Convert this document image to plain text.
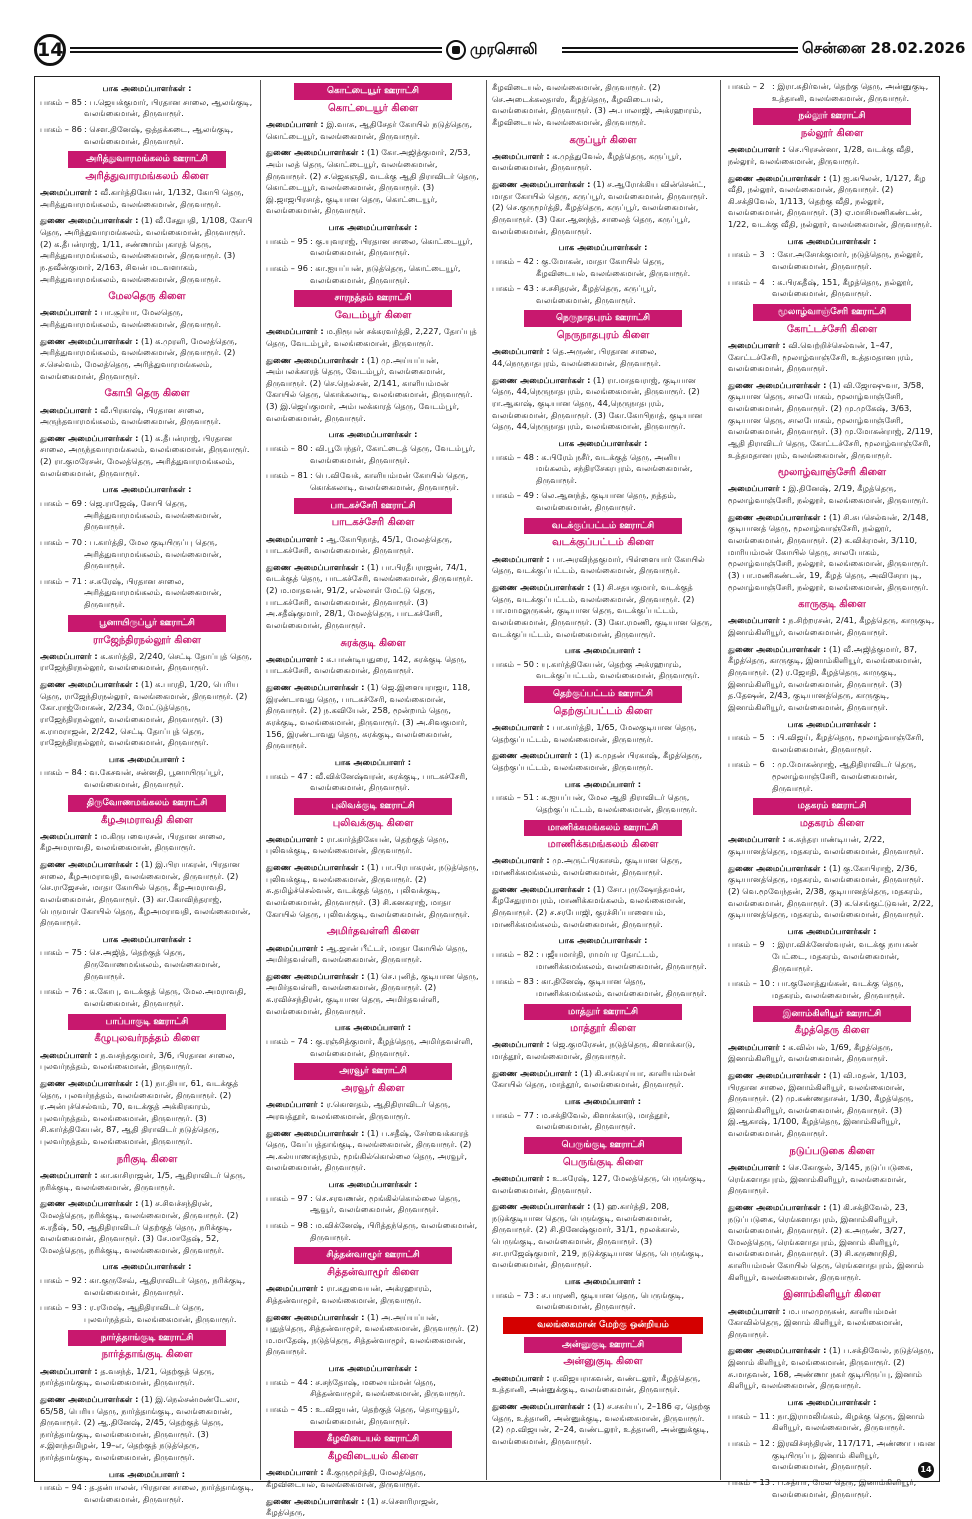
14	முரசொலி	சென்னை 28.02.2026
பாக அமைப்பாளர்கள் :
பாகம் – 85 : ப.ஜெயக்குமார், பிரதான சாலை, ஆலங்குடி, வலங்கைமான், திருவாரூர்.
பாகம் – 86 : செள.தினேஷ், ஒத்தக்கடை, ஆலங்குடி, வலங்கைமான், திருவாரூர்.
அரித்துவாரமங்கலம் ஊராட்சி
அரித்துவாரமங்கலம் கிளை
அமைப்பாளர் : வீ.கார்த்திகேயன், 1/132, கோபி தெரு, அரித்துவாரமங்கலம், வலங்கைமான், திருவாரூர்.
துணை அமைப்பாளர்கள் : (1) வீ.சேதுபதி, 1/108, கோபி தெரு, அரித்துவாரமங்கலம், வலங்கைமான், திருவாரூர். (2) க.தீபன்ராஜ், 1/11, சண்ணாம்புகாரத் தெரு, அரித்துவாரமங்கலம், வலங்கைமான், திருவாரூர். (3) ந.தவீன்குமார், 2/163, சிவன் மடவளாகம், அரித்துவாரமங்கலம், வலங்கைமான், திருவாரூர்.
மேலதெரு கிளை
அமைப்பாளர் : பா.சூர்யா, மேலதெரு, அரித்துவாரமங்கலம், வலங்கைமான், திருவாரூர்.
துணை அமைப்பாளர்கள் : (1) க.முரளி, மேலத்தெரு, அரித்துவாரமங்கலம், வலங்கைமான், திருவாரூர். (2) ச.செல்வம், மேலத்தெரு, அரித்துவாரமங்கலம், வலங்கைமான், திருவாரூர்.
கோபி தெரு கிளை
அமைப்பாளர் : வீ.பிரகாஷ், பிரதான சாலை, அருந்தவாரமங்கலம், வலங்கைமான், திருவாரூர்.
துணை அமைப்பாளர்கள் : (1) க.தீபன்ராஜ், பிரதான சாலை, அருந்தவாரமங்கலம், வலங்கைமான், திருவாரூர். (2) ரா.குமரேசன், மேலத்தெரு, அரித்துவாரமங்கலம், வலங்கைமான், திருவாரூர்.
பாக அமைப்பாளர்கள் :
பாகம் – 69 : ஜெ.ராஜேஷ், சோபி தெரு, அரித்துவாரமங்கலம், வலங்கைமான், திருவாரூர்.
பாகம் – 70 : ப.கார்த்தி, மேல குடியிருப்பு தெரு, அரித்துவாரமங்கலம், வலங்கைமான், திருவாரூர்.
பாகம் – 71 : ச.சுரேஷ், பிரதான சாலை, அரித்துவாரமங்கலம், வலங்கைமான், திருவாரூர்.
பூனாயிருப்பூர் ஊராட்சி
ராஜேந்திரநல்லூர் கிளை
அமைப்பாளர் : க.கார்த்தி, 2/240, செட்டி தோப்புத் தெரு, ராஜேந்திரநல்லூர், வலங்கைமான், திருவாரூர்.
துணை அமைப்பாளர்கள் : (1) க.பாரதி, 1/20, பெரிய தெரு, ராஜேந்திரநல்லூர், வலங்கைமான், திருவாரூர். (2) கோ.ராஜ்மோகன், 2/234, மேட்டுத்தெரு, ராஜேந்திரநல்லூர், வலங்கைமான், திருவாரூர். (3) க.ராமராஜன், 2/242, செட்டி தோப்புத் தெரு, ராஜேந்திரநல்லூர், வலங்கைமான், திருவாரூர்.
பாக அமைப்பாளர் :
பாகம் – 84 : வ.கேசவன், சன்னதி, பூனாயிருப்பூர், வலங்கைமான், திருவாரூர்.
திருவோணமங்கலம் ஊராட்சி
கீழஅமராவதி கிளை
அமைப்பாளர் : ம.கிருபவைரசன், பிரதான சாலை, கீழஅமராவதி, வலங்கைமான், திருவாரூர்.
துணை அமைப்பாளர்கள் : (1) இ.பிரபாகரன், பிரதான சாலை, கீழஅமராவதி, வலங்கைமான், திருவாரூர். (2) செ.ராஜேசன், மாதா கோயில் தெரு, கீழஅமராவதி, வலங்கைமான், திருவாரூர். (3) கா.கோவிந்தராஜ், பெருமாள் கோயில் தெரு, கீழஅமராவதி, வலங்கைமான், திருவாரூர்.
பாக அமைப்பாளர்கள் :
பாகம் – 75 : செ.அஜித், தெற்குத் தெரு, திருவோணமங்கலம், வலங்கைமான், திருவாரூர்.
பாகம் – 76 : க.கோபு, வடக்குத் தெரு, மேல.அமராவதி, வலங்கைமான், திருவாரூர்.
பாப்பாகுடி ஊராட்சி
கீழுபுலவர்நத்தம் கிளை
அமைப்பாளர் : ந.வசந்தகுமார், 3/6, பிரதான சாலை, புலவர்நத்தம், வலங்கைமான், திருவாரூர்.
துணை அமைப்பாளர்கள் : (1) நா.தியா, 61, வடக்குத் தெரு, புலவர்நத்தம், வலங்கைமான், திருவாரூர். (2) ர.அன்புச்செல்வம், 70, வடக்குத் அக்கிரகாரம், புலவர்நத்தம், வலங்கைமான், திருவாரூர். (3) சி.கார்த்திகேயன், 87, ஆதி திராவிடர் நடுத்தெரு, புலவர்நத்தம், வலங்கைமான், திருவாரூர்.
நரிகுடி கிளை
அமைப்பாளர் : கா.காசிராஜன், 1/5, ஆதிராவிடர் தெரு, நரிக்குடி, வலங்கைமான், திருவாரூர்.
துணை அமைப்பாளர்கள் : (1) ச.சிவச்சந்திரன், மேலத்தெரு, நரிக்குடி, வலங்கைமான், திருவாரூர். (2) சு.ரதீஷ், 50, ஆதிதிராவிடர் தெற்குத் தெரு, நரிக்குடி, வலங்கைமான், திருவாரூர். (3) சே.மாதேஷ், 52, மேலத்தெரு, நரிக்குடி, வலங்கைமான், திருவாரூர்.
பாக அமைப்பாளர்கள் :
பாகம் – 92 : கா.குருசேவ், ஆதிராவிடர் தெரு, நரிக்குடி, வலங்கைமான், திருவாரூர்.
பாகம் – 93 : ர.ரமேஷ், ஆதிதிராவிடர் தெரு, புலவர்நத்தம், வலங்கைமான், திருவாரூர்.
நார்த்தாங்குடி ஊராட்சி
நார்த்தாங்குடி கிளை
அமைப்பாளர் : த.வசந்த், 1/21, தெற்குத் தெரு, நார்த்தாங்குடி, வலங்கைமான், திருவாரூர்.
துணை அமைப்பாளர்கள் : (1) இ.நெல்சன்மண்டேலா, 65/58, பெரிய தெரு, நார்த்தாங்குடி, வலங்கைமான், திருவாரூர். (2) ஆ.தினேஷ், 2/45, தெற்குத் தெரு, நார்த்தாங்குடி, வலங்கைமான், திருவாரூர். (3) ச.இளந்தமிழன், 19–எ, தெற்குத் நடுத்தெரு, நார்த்தாங்குடி, வலங்கைமான், திருவாரூர்.
பாக அமைப்பாளர் :
பாகம் – 94 : த.தன்பாலன், பிரதான சாலை, நார்த்தாங்குடி, வலங்கைமான், திருவாரூர்.
கொட்டையூர் ஊராட்சி
கொட்டையூர் கிளை
அமைப்பாளர் : இ.வாசு, ஆதிசேதர் கோயில் நடுத்தெரு, கொட்டையூர், வலங்கைமான், திருவாரூர்.
துணை அமைப்பாளர்கள் : (1) கோ.அஜித்குமார், 2/53, அம்பலத் தெரு, கொட்டையூர், வலங்கைமான், திருவாரூர். (2) ச.ஜெகஞதி, வடக்கு ஆதி திராவிடர் தெரு, கொட்டையூர், வலங்கைமான், திருவாரூர். (3) இ.ஜாஜபிரசாத், குடியான தெரு, கொட்டையூர், வலங்கைமான், திருவாரூர்.
பாக அமைப்பாளர்கள் :
பாகம் – 95 : கு.யுவராஜ், பிரதான சாலை, கொட்டையூர், வலங்கைமான், திருவாரூர்.
பாகம் – 96 : கா.ஐயப்பன், நடுத்தெரு, கொட்டையூர், வலங்கைமான், திருவாரூர்.
சாரநத்தம் ஊராட்சி
வேடம்பூர் கிளை
அமைப்பாளர் : ம.நிரூபன் சக்கரவர்த்தி, 2,227, தோப்புத் தெரு, வேடம்பூர், வலங்கைமான், திருவாரூர்.
துணை அமைப்பாளர்கள் : (1) மு.அய்யப்பன், அம்பலக்காரத் தெரு, வேடம்பூர், வலங்கைமான், திருவாரூர். (2) செ.நெல்சன், 2/141, காளியம்மன் கோயில் தெரு, கொக்கலாடி, வலங்கைமான், திருவாரூர். (3) இ.ஜெய்குமார், அம்பலக்காரத் தெரு, வேடம்பூர், வலங்கைமான், திருவாரூர்.
பாக அமைப்பாளர்கள் :
பாகம் – 80 : வி.பூபேந்தர், கோட்டைத் தெரு, வேடம்பூர், வலங்கைமான், திருவாரூர்.
பாகம் – 81 : பெ.விவேக், காளியம்மன் கோயில் தெரு, கொக்கலாடி, வலங்கைமான், திருவாரூர்.
பாடகச்சேரி ஊராட்சி
பாடகச்சேரி கிளை
அமைப்பாளர் : ஆ.கோபிநாத், 45/1, மேலத்தெரு, பாடகச்சேரி, வலங்கைமான், திருவாரூர்.
துணை அமைப்பாளர்கள் : (1) பா.பிரதீபராஜன், 74/1, வடக்குத் தெரு, பாடகச்சேரி, வலங்கைமான், திருவாரூர். (2) ம.மாதவன், 91/2, எல்லாள் மேட்டு தெரு, பாடகச்சேரி, வலங்கைமான், திருவாரூர். (3) அ.சதீஷ்குமார், 28/1, மேலத்தெரு, பாடகச்சேரி, வலங்கைமான், திருவாரூர்.
சுரக்குடி கிளை
அமைப்பாளர் : க.பாண்டியதுரை, 142, சுரக்குடி தெரு, பாடகச்சேரி, வலங்கைமான், திருவாரூர்.
துணை அமைப்பாளர்கள் : (1) ஜெ.இளையராஜா, 118, இரண்டாவது தெரு, பாடகச்சேரி, வலங்கைமான், திருவாரூர். (2) ந.கவியேன், 258, மூன்றாம் தெரு, சுரக்குடி, வலங்கைமான், திருவாரூர். (3) அ.சிவகுமார், 156, இரண்டாவது தெரு, சுரக்குடி, வலங்கைமான், திருவாரூர்.
பாக அமைப்பாளர் :
பாகம் – 47 : வீ.விக்னேஷ்வரன், சுரக்குடி, பாடகச்சேரி, வலங்கைமான், திருவாரூர்.
புலிவக்குடி ஊராட்சி
புலிவக்குடி கிளை
அமைப்பாளர் : ரா.கார்த்திகேயன், தெற்குத் தெரு, புலிவக்குடி, வலங்கைமான், திருவாரூர்.
துணை அமைப்பாளர்கள் : (1) பா.பிரபாகரன், நடுத்தெரு, புலிவக்குடி, வலங்கைமான், திருவாரூர். (2) சு.தமிழ்ச்செல்வன், வடக்குத் தெரு, புலிவக்குடி, வலங்கைமான், திருவாரூர். (3) சி.கனகராஜ், மாதா கோயில் தெரு, புலிவக்குடி, வலங்கைமான், திருவாரூர்.
அமிர்தவள்ளி கிளை
அமைப்பாளர் : ஆ.ஜான் பீட்டர், மாதா கோயில் தெரு, அமிர்தவள்ளி, வலங்கைமான், திருவாரூர்.
துணை அமைப்பாளர்கள் : (1) செ.புனித், குடியான தெரு, அமிர்தவள்ளி, வலங்கைமான், திருவாரூர். (2) க.ரவிச்சந்திரன், குடியான தெரு, அமிர்தவள்ளி, வலங்கைமான், திருவாரூர்.
பாக அமைப்பாளர் :
பாகம் – 74 : கு.ரஞ்சித்குமார், கீழத்தெரு, அமிர்தவள்ளி, வலங்கைமான், திருவாரூர்.
அரவூர் ஊராட்சி
அரவூர் கிளை
அமைப்பாளர் : ர.கொளதம், ஆதிதிராவிடர் தெரு, அரவத்தூர், வலங்கைமான், திருவாரூர்.
துணை அமைப்பாளர்கள் : (1) ப.சதீஷ், சேர்வைக்காரத் தெரு, வேப்பத்தாங்குடி, வலங்கைமான், திருவாரூர். (2) அ.கல்யாணசுந்தரம், மூங்கில்கொல்லை தெரு, அரவூர், வலங்கைமான், திருவாரூர்.
பாக அமைப்பாளர்கள் :
பாகம் – 97 : செ.சரவணன், மூங்கில்கொல்லை தெரு, ஆவூர், வலங்கைமான், திருவாரூர்.
பாகம் – 98 : ம.விக்னேஷ், பிரித்தந்தெரு, வலங்கைமான், திருவாரூர்.
சித்தன்வாழூர் ஊராட்சி
சித்தன்வாழூர் கிளை
அமைப்பாளர் : ரா.கதுவையன், அக்ரஹாரம், சித்தன்வாழூர், வலங்கைமான், திருவாரூர்.
துணை அமைப்பாளர்கள் : (1) அ.அய்யப்பன், புதுத்தெரு, சித்தன்வாழூர், வலங்கைமான், திருவாரூர். (2) ம.மாதேஷ், நடுத்தெரு, சித்தன்வாழூர், வலங்கைமான், திருவாரூர்.
பாக அமைப்பாளர்கள் :
பாகம் – 44 : ச.சந்தோஷ், மலையம்மன் தெரு, சித்தன்வாழூர், வலங்கைமான், திருவாரூர்.
பாகம் – 45 : உ.விஜயன், தெற்குத் தெரு, தொழுவூர், வலங்கைமான், திருவாரூர்.
கீழவிடையல் ஊராட்சி
கீழவிடையல் கிளை
அமைப்பாளர் : கீ.குருமூர்த்தி, மேலத்தெரு, கீழவிடையல், வலங்கைமான், திருவாரூர்.
துணை அமைப்பாளர்கள் : (1) ச.செளரிராஜன், கீழத்தெரு,
கீழவிடையல், வலங்கைமான், திருவாரூர். (2) செ.அடைக்கலதாஸ், கீழத்தெரு, கீழவிடையல், வலங்கைமான், திருவாரூர். (3) அ.பாலாஜி, அக்ரஹாரம், கீழவிடையல், வலங்கைமான், திருவாரூர்.
கருப்பூர் கிளை
அமைப்பாளர் : க.முத்துவேல், கீழத்தெரு, கருப்பூர், வலங்கைமான், திருவாரூர்.
துணை அமைப்பாளர்கள் : (1) ச.ஆரோக்கிய வின்சென்ட், மாதா கோயில் தெரு, கருப்பூர், வலங்கைமான், திருவாரூர். (2) செ.குருமூர்த்தி, கீழத்தெரு, கருப்பூர், வலங்கைமான், திருவாரூர். (3) கோ.ஆனந்த், சாலைத் தெரு, கருப்பூர், வலங்கைமான், திருவாரூர்.
பாக அமைப்பாளர்கள் :
பாகம் – 42 : கு.மோகன், மாதா கோயில் தெரு, கீழவிடையல், வலங்கைமான், திருவாரூர்.
பாகம் – 43 : ச.சசிதரன், கீழத்தெரு, கருப்பூர், வலங்கைமான், திருவாரூர்.
நெருநாதபுரம் ஊராட்சி
நெருநாதபுரம் கிளை
அமைப்பாளர் : தெ.அருண், பிரதான சாலை, 44,நெருநாதபுரம், வலங்கைமான், திருவாரூர்.
துணை அமைப்பாளர்கள் : (1) ரா.மாதவராஜ், குடியான தெரு, 44,நெருநாதபுரம், வலங்கைமான், திருவாரூர். (2) ரா.ஆகாஷ், குடியான தெரு, 44,நெருநாதபுரம், வலங்கைமான், திருவாரூர். (3) கோ.கோபிநாத், குடியான தெரு, 44,நெருநாதபுரம், வலங்கைமான், திருவாரூர்.
பாக அமைப்பாளர்கள் :
பாகம் – 48 : க.பிரேம் நசீர், வடக்குத் தெரு, அனிய மங்கலம், சந்திரசேகரபுரம், வலங்கைமான், திருவாரூர்.
பாகம் – 49 : லெ.ஆனந்த், குடியான தெரு, நத்தம், வலங்கைமான், திருவாரூர்.
வடக்குப்பட்டம் ஊராட்சி
வடக்குப்பட்டம் கிளை
அமைப்பாளர் : பா.அரவிந்தகுமார், பிள்ளையார் கோயில் தெரு, வடக்குப்பட்டம், வலங்கைமான், திருவாரூர்.
துணை அமைப்பாளர்கள் : (1) சி.சதயகுமார், வடக்குத் தெரு, வடக்குப்பட்டம், வலங்கைமான், திருவாரூர். (2) பா.மாமலுருகன், குடியான தெரு, வடக்குப்பட்டம், வலங்கைமான், திருவாரூர். (3) கோ.ரமணி, குடியான தெரு, வடக்குப்பட்டம், வலங்கைமான், திருவாரூர்.
பாக அமைப்பாளர் :
பாகம் – 50 : யு.கார்த்திகேயன், தெற்கு அக்ரஹாரம், வடக்குப்பட்டம், வலங்கைமான், திருவாரூர்.
தெற்குப்பட்டம் ஊராட்சி
தெற்குப்பட்டம் கிளை
அமைப்பாளர் : பா.கார்த்தி, 1/65, மேலகுடியான தெரு, தெற்குப்பட்டம், வலங்கைமான், திருவாரூர்.
துணை அமைப்பாளர் : (1) க.முதன் பிரகாஷ், கீழத்தெரு, தெற்குப்பட்டம், வலங்கைமான், திருவாரூர்.
பாக அமைப்பாளர் :
பாகம் – 51 : க.ஐயப்பன், மேல ஆதி திராவிடர் தெரு, தெற்குப்பட்டம், வலங்கைமான், திருவாரூர்.
மாணிக்கமங்கலம் ஊராட்சி
மாணிக்கமங்கலம் கிளை
அமைப்பாளர் : மு.அருட்பிரகாசம், குடியான தெரு, மாணிக்கமங்கலம், வலங்கைமான், திருவாரூர்.
துணை அமைப்பாளர்கள் : (1) சோ.புருஷோத்தமன், கீழசேதுராமபுரம், மாணிக்கமங்கலம், வலங்கைமான், திருவாரூர். (2) ச.சரபோஜி, குரச்சிப்பாளையம், மாணிக்கமங்கலம், வலங்கைமான், திருவாரூர்.
பாக அமைப்பாளர்கள் :
பாகம் – 82 : பஜீயமார்தி, ராமர்பர தோட்டம், மாணிக்கமங்கலம், வலங்கைமான், திருவாரூர்.
பாகம் – 83 : கா.தினேஷ், குடியான தெரு, மாணிக்கமங்கலம், வலங்கைமான், திருவாரூர்.
மாத்தூர் ஊராட்சி
மாத்தூர் கிளை
அமைப்பாளர் : ஜெ.குமரேசன், நடுத்தெரு, கிளாக்காடு, மாத்தூர், வலங்கைமான், திருவாரூர்.
துணை அமைப்பாளர் : (1) கி.சங்கரய்யா, காளியம்மன் கோயில் தெரு, மாத்தூர், வலங்கைமான், திருவாரூர்.
பாக அமைப்பாளர் :
பாகம் – 77 : ம.சக்திவேல், கிளாக்காடு, மாத்தூர், வலங்கைமான், திருவாரூர்.
பெருங்குடி ஊராட்சி
பெருங்குடி கிளை
அமைப்பாளர் : உ.சுரேஷ், 127, மேலத்தெரு, பெருங்குடி, வலங்கைமான், திருவாரூர்.
துணை அமைப்பாளர்கள் : (1) ஹ.கார்த்தி, 208, நடுக்குடியான தெரு, பெருங்குடி, வலங்கைமான், திருவாரூர். (2) சி.தினேஷ்குமார், 31/1, மூலக்கால், பெருங்குடி, வலங்கைமான், திருவாரூர். (3) சா.ராஜேஷ்குமார், 219, நடுக்குடியான தெரு, பெருங்குடி, வலங்கைமான், திருவாரூர்.
பாக அமைப்பாளர் :
பாகம் – 73 : ச.பாரணி, குடியான தெரு, பெருங்குடி, வலங்கைமான், திருவாரூர்.
வலங்கைமான் மேற்கு ஒன்றியம்
அன்னுகுடி ஊராட்சி
அன்னுகுடி கிளை
அமைப்பாளர் : ர.விஜயராகவன், வண்டலூர், கீழத்தெரு, உத்தானி, அன்னுக்குடி, வலங்கைமான், திருவாரூர்.
துணை அமைப்பாளர்கள் : (1) ச.சசுர்யப், 2–186 ஏ, தெற்கு தெரு, உத்தானி, அன்னுக்குடி, வலங்கைமான், திருவாரூர். (2) மு.விஜயன், 2–24, வண்டலூர், உத்தானி, அன்னுக்குடி, வலங்கைமான், திருவாரூர்.
பாகம் – 2 : இரா.சுதிர்வன், தெற்கு தெரு, அன்னுகுடி, உத்தானி, வலங்கைமான், திருவாரூர்.
நல்லூர் ஊராட்சி
நல்லூர் கிளை
அமைப்பாளர் : செ.பிரசன்னா, 1/28, வடக்கு வீதி, நல்லூர், வலங்கைமான், திருவாரூர்.
துணை அமைப்பாளர்கள் : (1) ஐ.கபிலன், 1/127, கீழ வீதி, நல்லூர், வலங்கைமான், திருவாரூர். (2) கி.சக்திவேல், 1/113, தெற்கு வீதி, நல்லூர், வலங்கைமான், திருவாரூர். (3) ஏ.மாசிமணிகண்டன், 1/22, வடக்கு வீதி, நல்லூர், வலங்கைமான், திருவாரூர்.
பாக அமைப்பாளர்கள் :
பாகம் – 3 : கோ.அசோக்குமார், நடுத்தெரு, நல்லூர், வலங்கைமான், திருவாரூர்.
பாகம் – 4 : க.பிரகதீஷ், 151, கீழத்தெரு, நல்லூர், வலங்கைமான், திருவாரூர்.
மூலாழ்வாஞ்சேரி ஊராட்சி
கோட்டச்சேரி கிளை
அமைப்பாளர் : வி.வெற்றிச்செல்வன், 1–47, கோட்டச்சேரி, மூலாழ்வாஞ்சேரி, உத்தமதானபுரம், வலங்கைமான், திருவாரூர்.
துணை அமைப்பாளர்கள் : (1) வி.ஜோஷுவா, 3/58, குடியான தெரு, சாலபோகம், மூலாழ்வாஞ்சேரி, வலங்கைமான், திருவாரூர். (2) மு.முகேஷ், 3/63, குடியான தெரு, சாலபோகம், மூலாழ்வாஞ்சேரி, வலங்கைமான், திருவாரூர். (3) மு.மோகன்ராஜ், 2/119, ஆதி திராவிடர் தெரு, கோட்டச்சேரி, மூலாழ்வாஞ்சேரி, உத்தமதானபுரம், வலங்கைமான், திருவாரூர்.
மூலாழ்வாஞ்சேரி கிளை
அமைப்பாளர் : இ.தினேஷ், 2/19, கீழத்தெரு, மூலாழ்வாஞ்சேரி, நல்லூர், வலங்கைமான், திருவாரூர்.
துணை அமைப்பாளர்கள் : (1) சி.சுபசெல்வன், 2/148, குடியானத் தெரு, மூலாழ்வாஞ்சேரி, நல்லூர், வலங்கைமான், திருவாரூர். (2) க.விக்ரமன், 3/110, மாரியம்மன் கோயில் தெரு, சாலபோகம், மூலாழ்வாஞ்சேரி, நல்லூர், வலங்கைமான், திருவாரூர். (3) பா.மணிகண்டன், 19, கீழத் தெரு, அவிசேராபுடி, மூலாழ்வாஞ்சேரி, நல்லூர், வலங்கைமான், திருவாரூர்.
காருகுடி கிளை
அமைப்பாளர் : ந.சிற்றரசன், 2/41, கீழத்தெரு, காருகுடி, இனாம்கிளியூர், வலங்கைமான், திருவாரூர்.
துணை அமைப்பாளர்கள் : (1) வீ.அஜித்குமார், 87, கீழத்தெரு, காருகுடி, இனாம்கிளியூர், வலங்கைமான், திருவாரூர். (2) ர.ஜோதி, கீழத்தெரு, காருகுடி, இனாம்கிளியூர், வலங்கைமான், திருவாரூர். (3) த.தேஷன், 2/43, குடியானத்தெரு, காருகுடி, இனாம்கிளியூர், வலங்கைமான், திருவாரூர்.
பாக அமைப்பாளர்கள் :
பாகம் – 5 : பி.விஜய், கீழத்தெரு, மூலாழ்வாஞ்சேரி, வலங்கைமான், திருவாரூர்.
பாகம் – 6 : மு.மோகன்ராஜ், ஆதிதிராவிடர் தெரு, மூலாழ்வாஞ்சேரி, வலங்கைமான், திருவாரூர்.
மதகரம் ஊராட்சி
மதகரம் கிளை
அமைப்பாளர் : க.சுந்தரபாண்டியன், 2/22, குடியானத்தெரு, மதகரம், வலங்கைமான், திருவாரூர்.
துணை அமைப்பாளர்கள் : (1) கு.கோபிராஜ், 2/36, குடியானத்தெரு, மதகரம், வலங்கைமான், திருவாரூர். (2) வெ.மூவேந்தன், 2/38, குடியானத்தெரு, மதகரம், வலங்கைமான், திருவாரூர். (3) க.செங்குட்டுவன், 2/22, குடியானத்தெரு, மதகரம், வலங்கைமான், திருவாரூர்.
பாக அமைப்பாளர்கள் :
பாகம் – 9 : இரா.விக்னேஸ்வரன், வடக்கு நாயகன் பேட்டை, மதகரம், வலங்கைமான், திருவாரூர்.
பாகம் – 10 : பா.குலோத்துங்கன், வடக்கு தெரு, மதகரம், வலங்கைமான், திருவாரூர்.
இனாம்கிளியூர் ஊராட்சி
கீழத்தெரு கிளை
அமைப்பாளர் : க.வில்பல், 1/69, கீழத்தெரு, இனாம்கிளியூர், வலங்கைமான், திருவாரூர்.
துணை அமைப்பாளர்கள் : (1) வி.மதன், 1/103, பிரதான சாலை, இனாம்கிளியூர், வலங்கைமான், திருவாரூர். (2) மு.கண்ணதாசன், 1/30, கீழத்தெரு, இனாம்கிளியூர், வலங்கைமான், திருவாரூர். (3) இ.ஆகாஷ், 1/100, கீழத்தெரு, இனாம்கிளியூர், வலங்கைமான், திருவாரூர்.
நடுப்படுகை கிளை
அமைப்பாளர் : செ.கோகுல், 3/145, நடுப்படுகை, ரெங்களாதபுரம், இனாம்கிளியூர், வலங்கைமான், திருவாரூர்.
துணை அமைப்பாளர்கள் : (1) கி.சக்திவேல், 23, நடுப்படுகை, ரெங்களாதபுரம், இனாம்கிளியூர், வலங்கைமான், திருவாரூர். (2) க.அருண், 3/27, மேலத்தெரு, ரெங்களாதபுரம், இனாம் கிளியூர், வலங்கைமான், திருவாரூர். (3) சி.கருணாநிதி, காளியம்மன் கோயில் தெரு, ரெங்களாதபுரம், இனாம் கிளியூர், வலங்கைமான், திருவாரூர்.
இனாம்கிளியூர் கிளை
அமைப்பாளர் : ம.பாலமுருகன், காளியம்மன் கோவில்தெரு, இனாம் கிளியூர், வலங்கைமான், திருவாரூர்.
துணை அமைப்பாளர்கள் : (1) ப.சக்திவேல், நடுத்தெரு, இனாம் கிளியூர், வலங்கைமான், திருவாரூர். (2) சு.மாதவன், 168, அண்ணா நகர் குடியிருப்பு, இனாம் கிளியூர், வலங்கைமான், திருவாரூர்.
பாக அமைப்பாளர்கள் :
பாகம் – 11 : நா.இராமலிங்கம், கிழக்கு தெரு, இனாம் கிளியூர், வலங்கைமான், திருவாரூர்.
பாகம் – 12 : இரவிச்சந்திரன், 117/171, அண்ணா பவன குடியிருப்பு, இனாம் கிளியூர், வலங்கைமான், திருவாரூர்.
பாகம் – 13 : ப.சத்யா, மேல தெரு, இனாம்கிளியூர், வலங்கைமான், திருவாரூர்.
14
